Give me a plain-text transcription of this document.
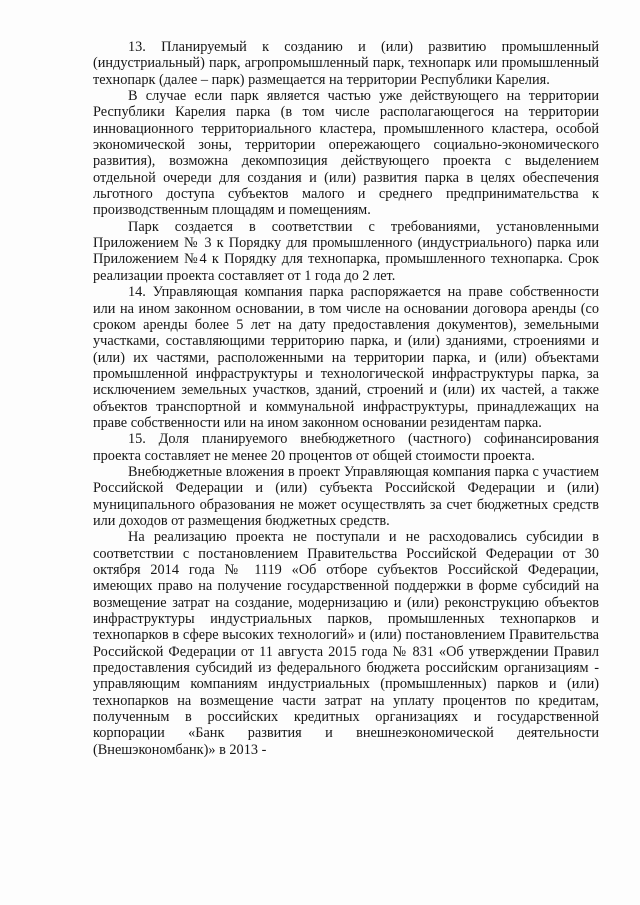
13. Планируемый к созданию и (или) развитию промышленный (индустриальный) парк, агропромышленный парк, технопарк или промышленный технопарк (далее – парк) размещается на территории Республики Карелия.

В случае если парк является частью уже действующего на территории Республики Карелия парка (в том числе располагающегося на территории инновационного территориального кластера, промышленного кластера, особой экономической зоны, территории опережающего социально-экономического развития), возможна декомпозиция действующего проекта с выделением отдельной очереди для создания и (или) развития парка в целях обеспечения льготного доступа субъектов малого и среднего предпринимательства к производственным площадям и помещениям.

Парк создается в соответствии с требованиями, установленными Приложением № 3 к Порядку для промышленного (индустриального) парка или Приложением №4 к Порядку для технопарка, промышленного технопарка. Срок реализации проекта составляет от 1 года до 2 лет.

14. Управляющая компания парка распоряжается на праве собственности или на ином законном основании, в том числе на основании договора аренды (со сроком аренды более 5 лет на дату предоставления документов), земельными участками, составляющими территорию парка, и (или) зданиями, строениями и (или) их частями, расположенными на территории парка, и (или) объектами промышленной инфраструктуры и технологической инфраструктуры парка, за исключением земельных участков, зданий, строений и (или) их частей, а также объектов транспортной и коммунальной инфраструктуры, принадлежащих на праве собственности или на ином законном основании резидентам парка.

15. Доля планируемого внебюджетного (частного) софинансирования проекта составляет не менее 20 процентов от общей стоимости проекта.

Внебюджетные вложения в проект Управляющая компания парка с участием Российской Федерации и (или) субъекта Российской Федерации и (или) муниципального образования не может осуществлять за счет бюджетных средств или доходов от размещения бюджетных средств.

На реализацию проекта не поступали и не расходовались субсидии в соответствии с постановлением Правительства Российской Федерации от 30 октября 2014 года № 1119 «Об отборе субъектов Российской Федерации, имеющих право на получение государственной поддержки в форме субсидий на возмещение затрат на создание, модернизацию и (или) реконструкцию объектов инфраструктуры индустриальных парков, промышленных технопарков и технопарков в сфере высоких технологий» и (или) постановлением Правительства Российской Федерации от 11 августа 2015 года № 831 «Об утверждении Правил предоставления субсидий из федерального бюджета российским организациям - управляющим компаниям индустриальных (промышленных) парков и (или) технопарков на возмещение части затрат на уплату процентов по кредитам, полученным в российских кредитных организациях и государственной корпорации «Банк развития и внешнеэкономической деятельности (Внешэкономбанк)» в 2013 -
